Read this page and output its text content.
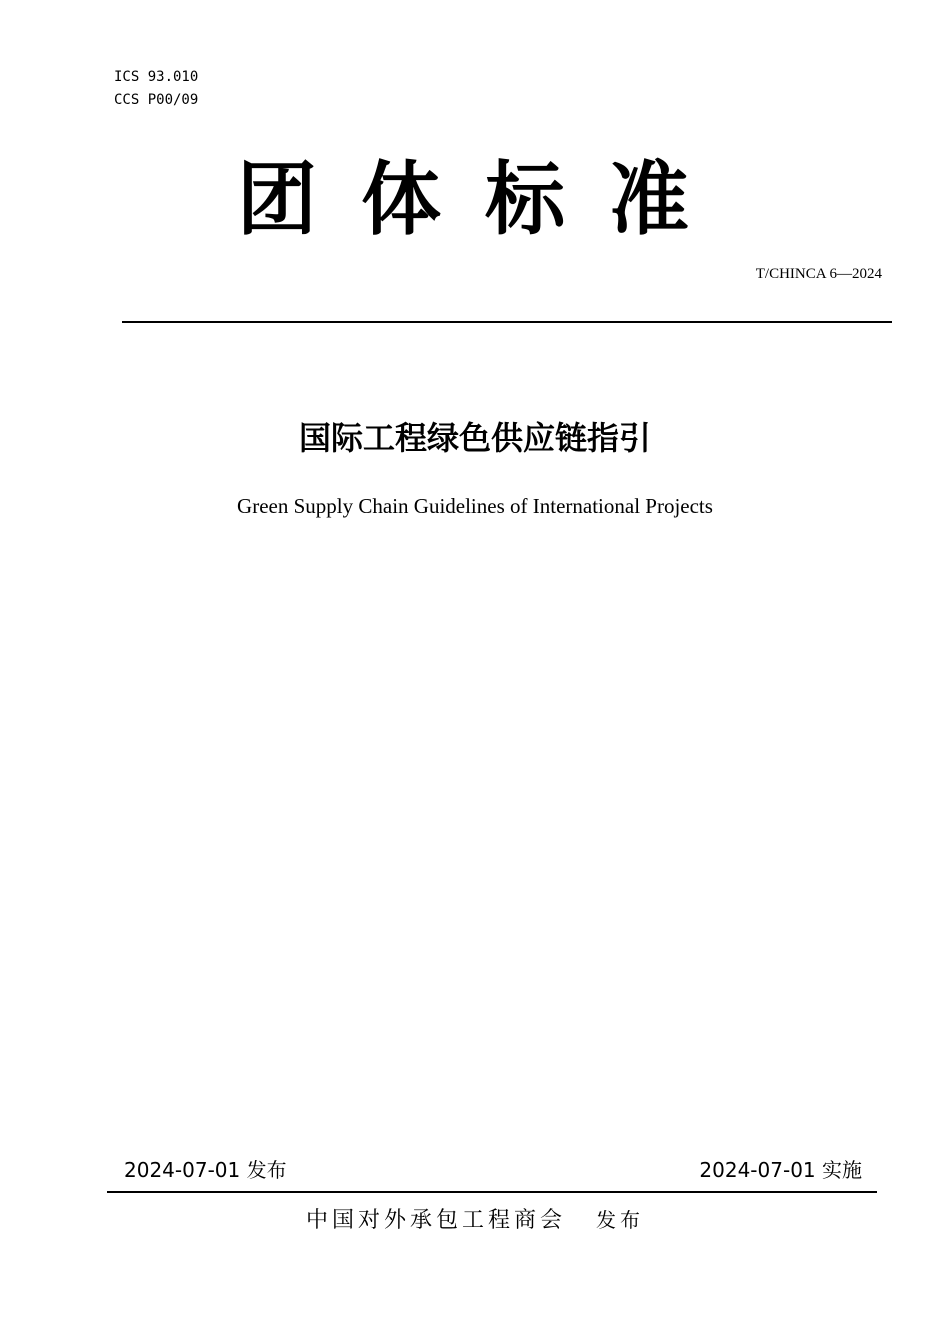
ICS 93.010
CCS P00/09
团体标准
T/CHINCA 6—2024
国际工程绿色供应链指引
Green Supply Chain Guidelines of International Projects
2024-07-01 发布	2024-07-01 实施
中国对外承包工程商会 发布
